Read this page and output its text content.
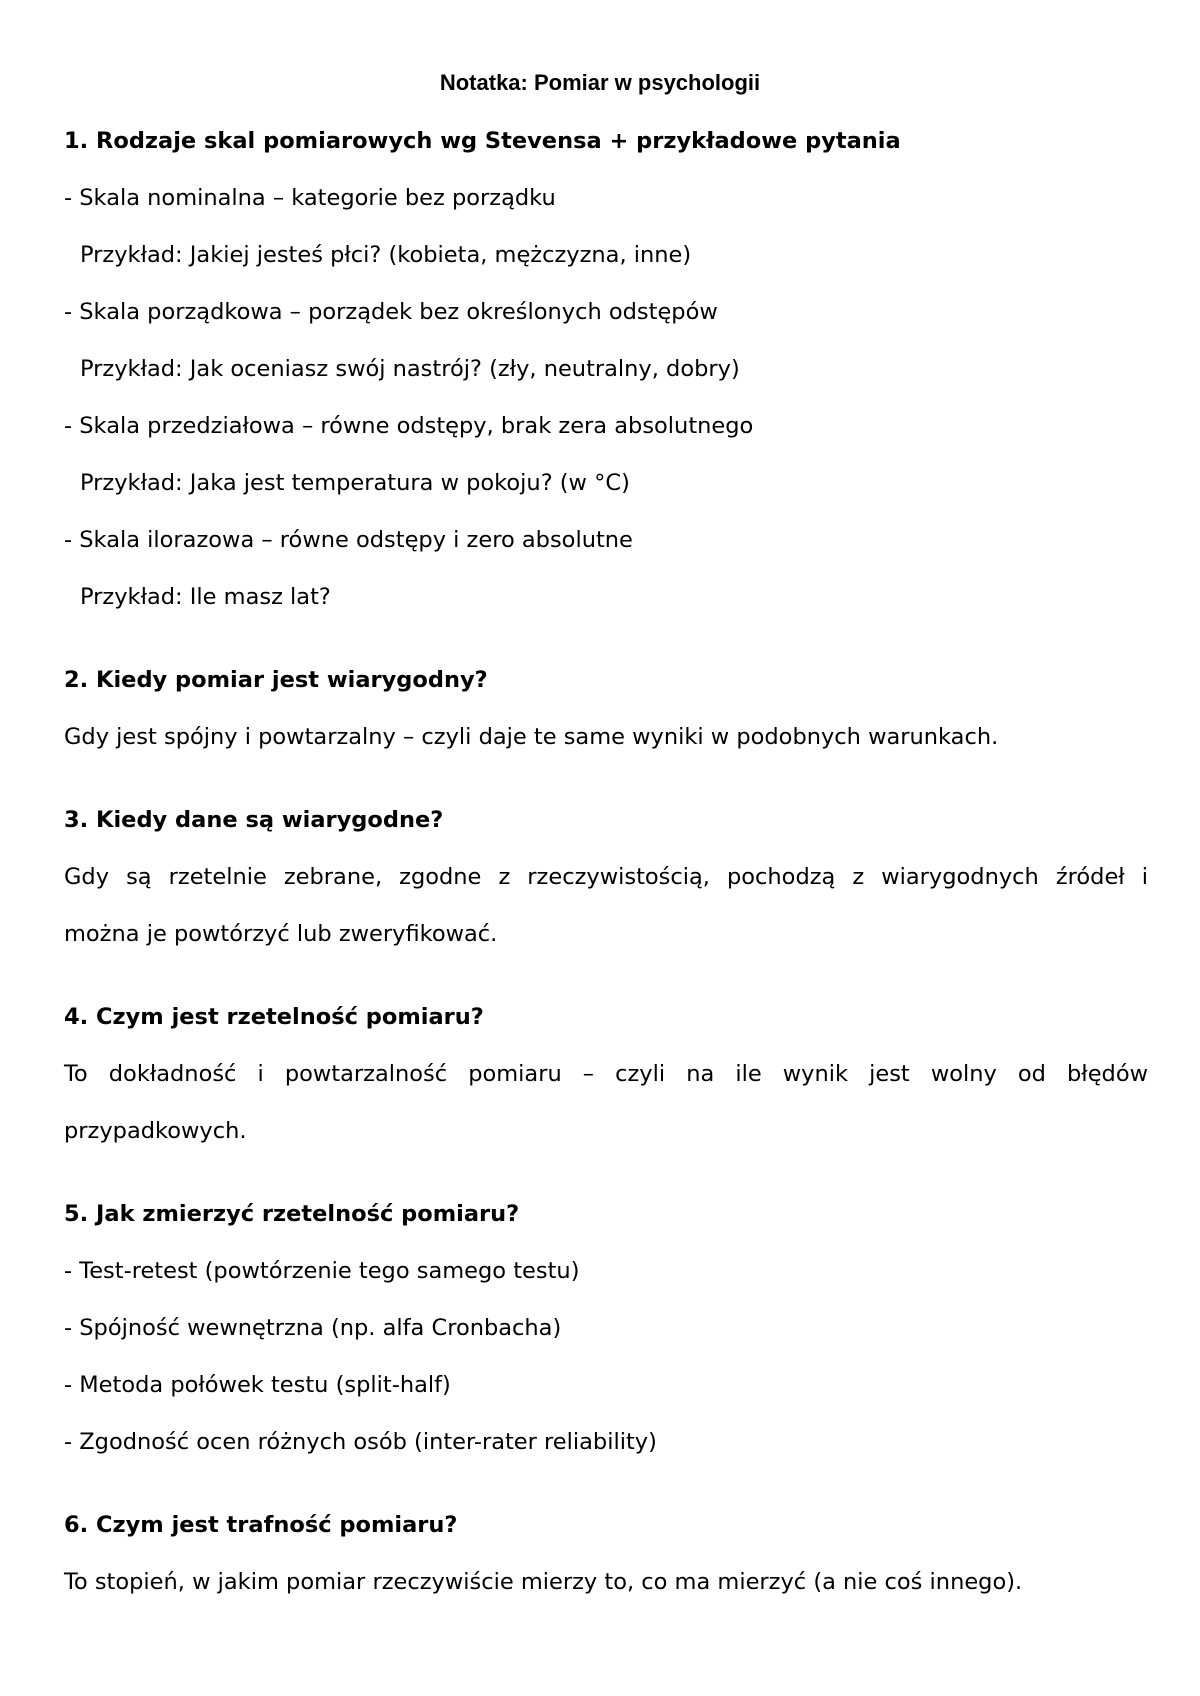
Notatka: Pomiar w psychologii
1. Rodzaje skal pomiarowych wg Stevensa + przykładowe pytania
- Skala nominalna – kategorie bez porządku
Przykład: Jakiej jesteś płci? (kobieta, mężczyzna, inne)
- Skala porządkowa – porządek bez określonych odstępów
Przykład: Jak oceniasz swój nastrój? (zły, neutralny, dobry)
- Skala przedziałowa – równe odstępy, brak zera absolutnego
Przykład: Jaka jest temperatura w pokoju? (w °C)
- Skala ilorazowa – równe odstępy i zero absolutne
Przykład: Ile masz lat?
2. Kiedy pomiar jest wiarygodny?
Gdy jest spójny i powtarzalny – czyli daje te same wyniki w podobnych warunkach.
3. Kiedy dane są wiarygodne?
Gdy są rzetelnie zebrane, zgodne z rzeczywistością, pochodzą z wiarygodnych źródeł i
można je powtórzyć lub zweryfikować.
4. Czym jest rzetelność pomiaru?
To dokładność i powtarzalność pomiaru – czyli na ile wynik jest wolny od błędów
przypadkowych.
5. Jak zmierzyć rzetelność pomiaru?
- Test-retest (powtórzenie tego samego testu)
- Spójność wewnętrzna (np. alfa Cronbacha)
- Metoda połówek testu (split-half)
- Zgodność ocen różnych osób (inter-rater reliability)
6. Czym jest trafność pomiaru?
To stopień, w jakim pomiar rzeczywiście mierzy to, co ma mierzyć (a nie coś innego).
